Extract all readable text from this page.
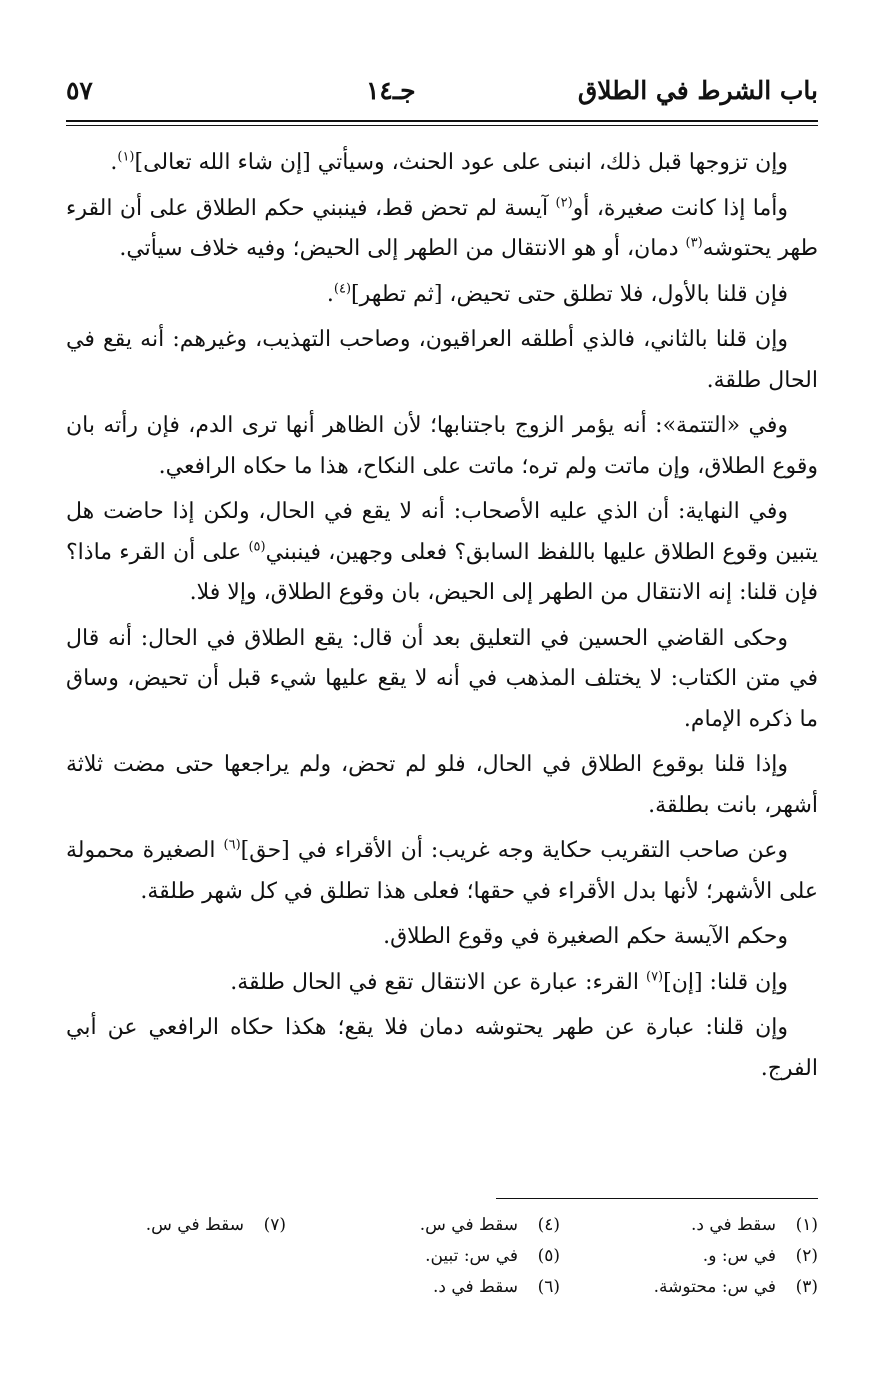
باب الشرط في الطلاق
جـ١٤
٥٧

وإن تزوجها قبل ذلك، انبنى على عود الحنث، وسيأتي [إن شاء الله تعالى]$^{(١)}$.

وأما إذا كانت صغيرة، أو$^{(٢)}$ آيسة لم تحض قط، فينبني حكم الطلاق على أن القرء طهر يحتوشه$^{(٣)}$ دمان، أو هو الانتقال من الطهر إلى الحيض؛ وفيه خلاف سيأتي.

فإن قلنا بالأول، فلا تطلق حتى تحيض، [ثم تطهر]$^{(٤)}$.

وإن قلنا بالثاني، فالذي أطلقه العراقيون، وصاحب التهذيب، وغيرهم: أنه يقع في الحال طلقة.

وفي «التتمة»: أنه يؤمر الزوج باجتنابها؛ لأن الظاهر أنها ترى الدم، فإن رأته بان وقوع الطلاق، وإن ماتت ولم تره؛ ماتت على النكاح، هذا ما حكاه الرافعي.

وفي النهاية: أن الذي عليه الأصحاب: أنه لا يقع في الحال، ولكن إذا حاضت هل يتبين وقوع الطلاق عليها باللفظ السابق؟ فعلى وجهين، فينبني$^{(٥)}$ على أن القرء ماذا؟ فإن قلنا: إنه الانتقال من الطهر إلى الحيض، بان وقوع الطلاق، وإلا فلا.

وحكى القاضي الحسين في التعليق بعد أن قال: يقع الطلاق في الحال: أنه قال في متن الكتاب: لا يختلف المذهب في أنه لا يقع عليها شيء قبل أن تحيض، وساق ما ذكره الإمام.

وإذا قلنا بوقوع الطلاق في الحال، فلو لم تحض، ولم يراجعها حتى مضت ثلاثة أشهر، بانت بطلقة.

وعن صاحب التقريب حكاية وجه غريب: أن الأقراء في [حق]$^{(٦)}$ الصغيرة محمولة على الأشهر؛ لأنها بدل الأقراء في حقها؛ فعلى هذا تطلق في كل شهر طلقة.

وحكم الآيسة حكم الصغيرة في وقوع الطلاق.

وإن قلنا: [إن]$^{(٧)}$ القرء: عبارة عن الانتقال تقع في الحال طلقة.

وإن قلنا: عبارة عن طهر يحتوشه دمان فلا يقع؛ هكذا حكاه الرافعي عن أبي الفرج.

(١)سقط في د.
(٢)في س: و.
(٣)في س: محتوشة.
(٤)سقط في س.
(٥)في س: تبين.
(٦)سقط في د.
(٧)سقط في س.
